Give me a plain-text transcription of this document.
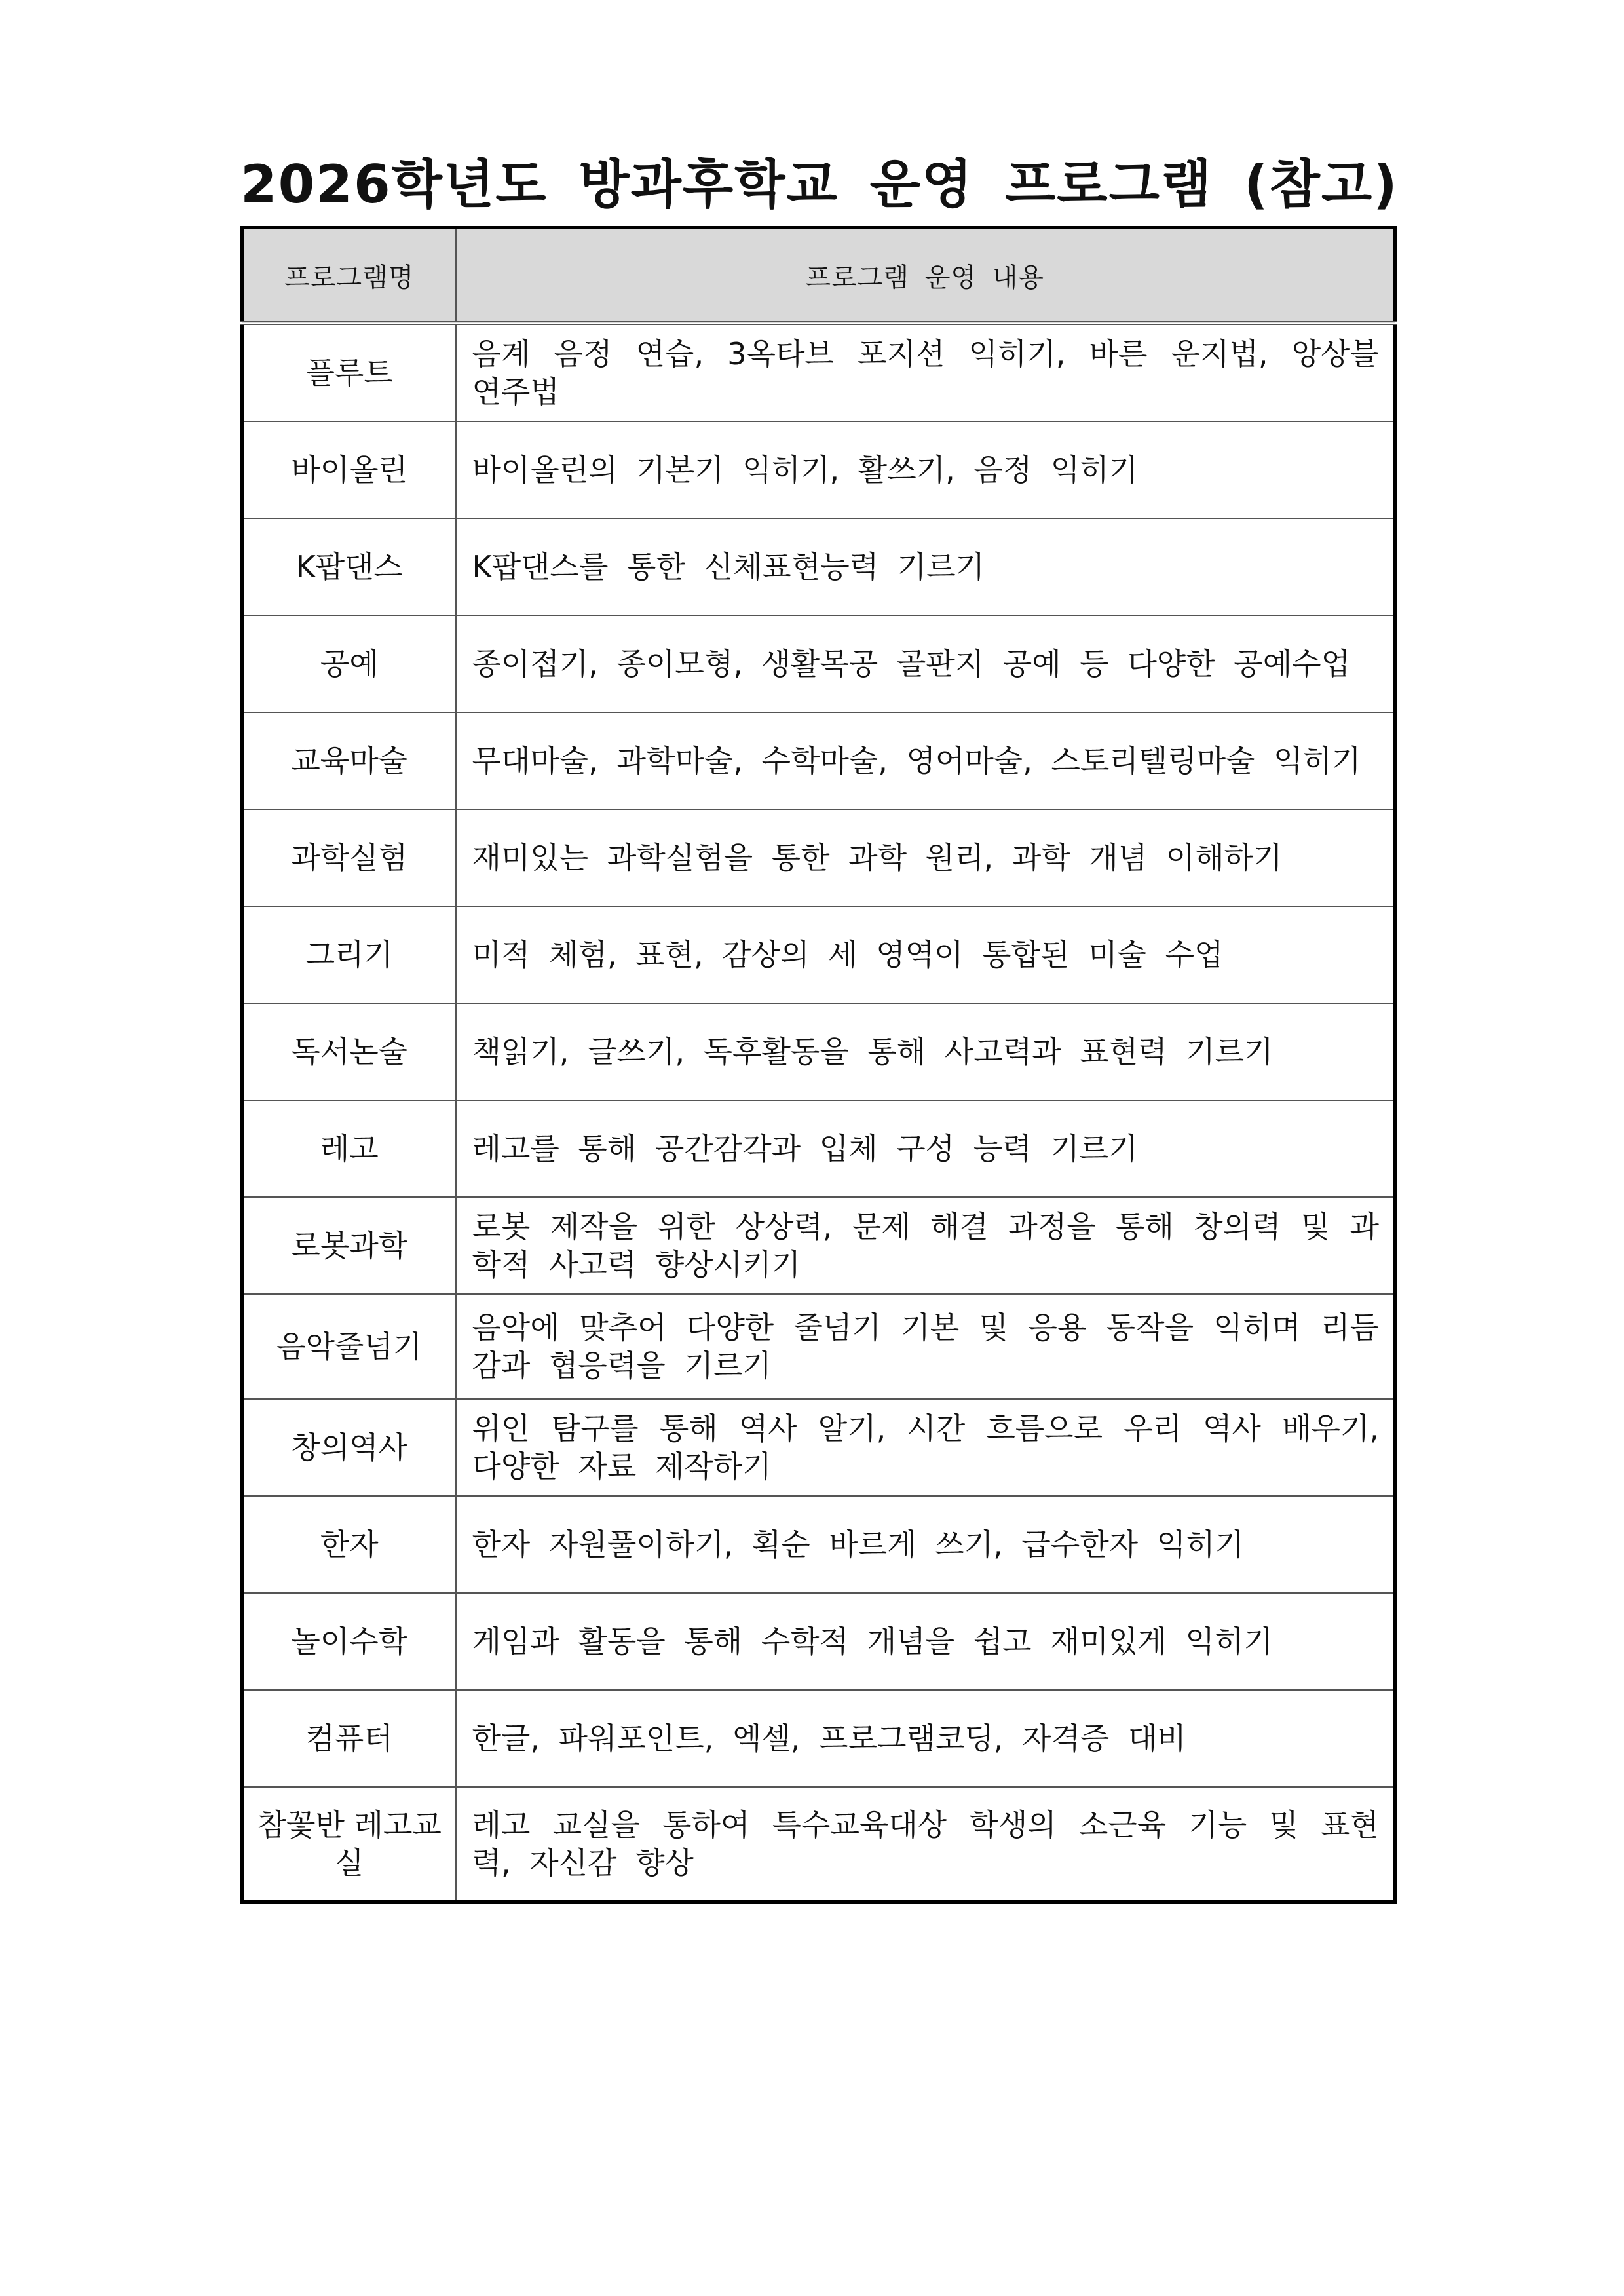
2026학년도 방과후학교 운영 프로그램 (참고)
프로그램명	프로그램 운영 내용
플루트	음계 음정 연습, 3옥타브 포지션 익히기, 바른 운지법, 앙상블 연주법
바이올린	바이올린의 기본기 익히기, 활쓰기, 음정 익히기
K팝댄스	K팝댄스를 통한 신체표현능력 기르기
공예	종이접기, 종이모형, 생활목공 골판지 공예 등 다양한 공예수업
교육마술	무대마술, 과학마술, 수학마술, 영어마술, 스토리텔링마술 익히기
과학실험	재미있는 과학실험을 통한 과학 원리, 과학 개념 이해하기
그리기	미적 체험, 표현, 감상의 세 영역이 통합된 미술 수업
독서논술	책읽기, 글쓰기, 독후활동을 통해 사고력과 표현력 기르기
레고	레고를 통해 공간감각과 입체 구성 능력 기르기
로봇과학	로봇 제작을 위한 상상력, 문제 해결 과정을 통해 창의력 및 과학적 사고력 향상시키기
음악줄넘기	음악에 맞추어 다양한 줄넘기 기본 및 응용 동작을 익히며 리듬감과 협응력을 기르기
창의역사	위인 탐구를 통해 역사 알기, 시간 흐름으로 우리 역사 배우기, 다양한 자료 제작하기
한자	한자 자원풀이하기, 획순 바르게 쓰기, 급수한자 익히기
놀이수학	게임과 활동을 통해 수학적 개념을 쉽고 재미있게 익히기
컴퓨터	한글, 파워포인트, 엑셀, 프로그램코딩, 자격증 대비
참꽃반 레고교실	레고 교실을 통하여 특수교육대상 학생의 소근육 기능 및 표현력, 자신감 향상
